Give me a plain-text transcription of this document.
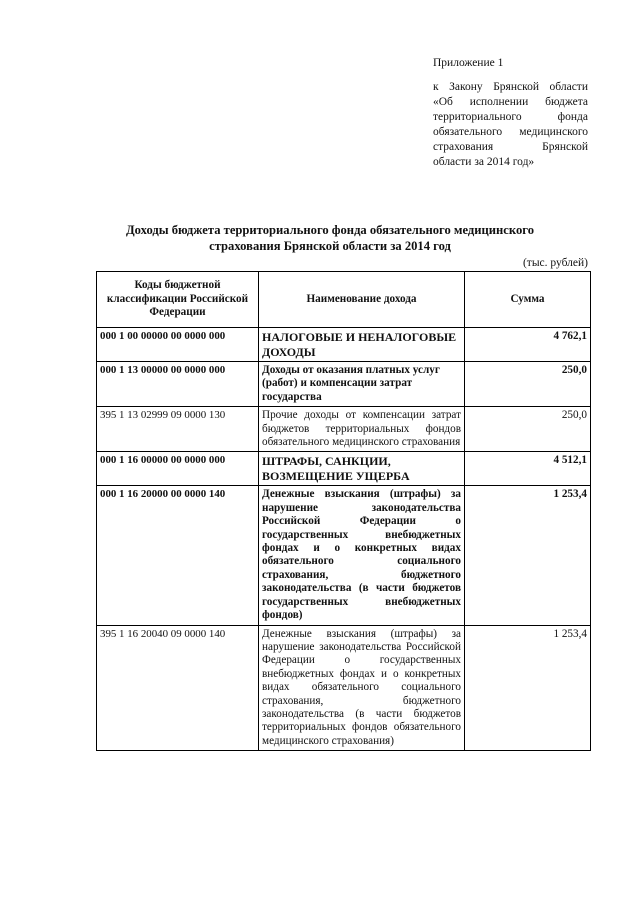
Приложение 1
к Закону Брянской области
«Об исполнении бюджета
территориального фонда
обязательного медицинского
страхования Брянской
области за 2014 год»
Доходы бюджета территориального фонда обязательного медицинского страхования Брянской области за 2014 год
(тыс. рублей)
Коды бюджетной классификации Российской Федерации	Наименование дохода	Сумма
000 1 00 00000 00 0000 000	НАЛОГОВЫЕ И НЕНАЛОГОВЫЕ ДОХОДЫ	4 762,1
000 1 13 00000 00 0000 000	Доходы от оказания платных услуг (работ) и компенсации затрат государства	250,0
395 1 13 02999 09 0000 130	Прочие доходы от компенсации затрат бюджетов территориальных фондов обязательного медицинского страхования	250,0
000 1 16 00000 00 0000 000	ШТРАФЫ, САНКЦИИ, ВОЗМЕЩЕНИЕ УЩЕРБА	4 512,1
000 1 16 20000 00 0000 140	Денежные взыскания (штрафы) за нарушение законодательства Российской Федерации о государственных внебюджетных фондах и о конкретных видах обязательного социального страхования, бюджетного законодательства (в части бюджетов государственных внебюджетных фондов)	1 253,4
395 1 16 20040 09 0000 140	Денежные взыскания (штрафы) за нарушение законодательства Российской Федерации о государственных внебюджетных фондах и о конкретных видах обязательного социального страхования, бюджетного законодательства (в части бюджетов территориальных фондов обязательного медицинского страхования)	1 253,4
